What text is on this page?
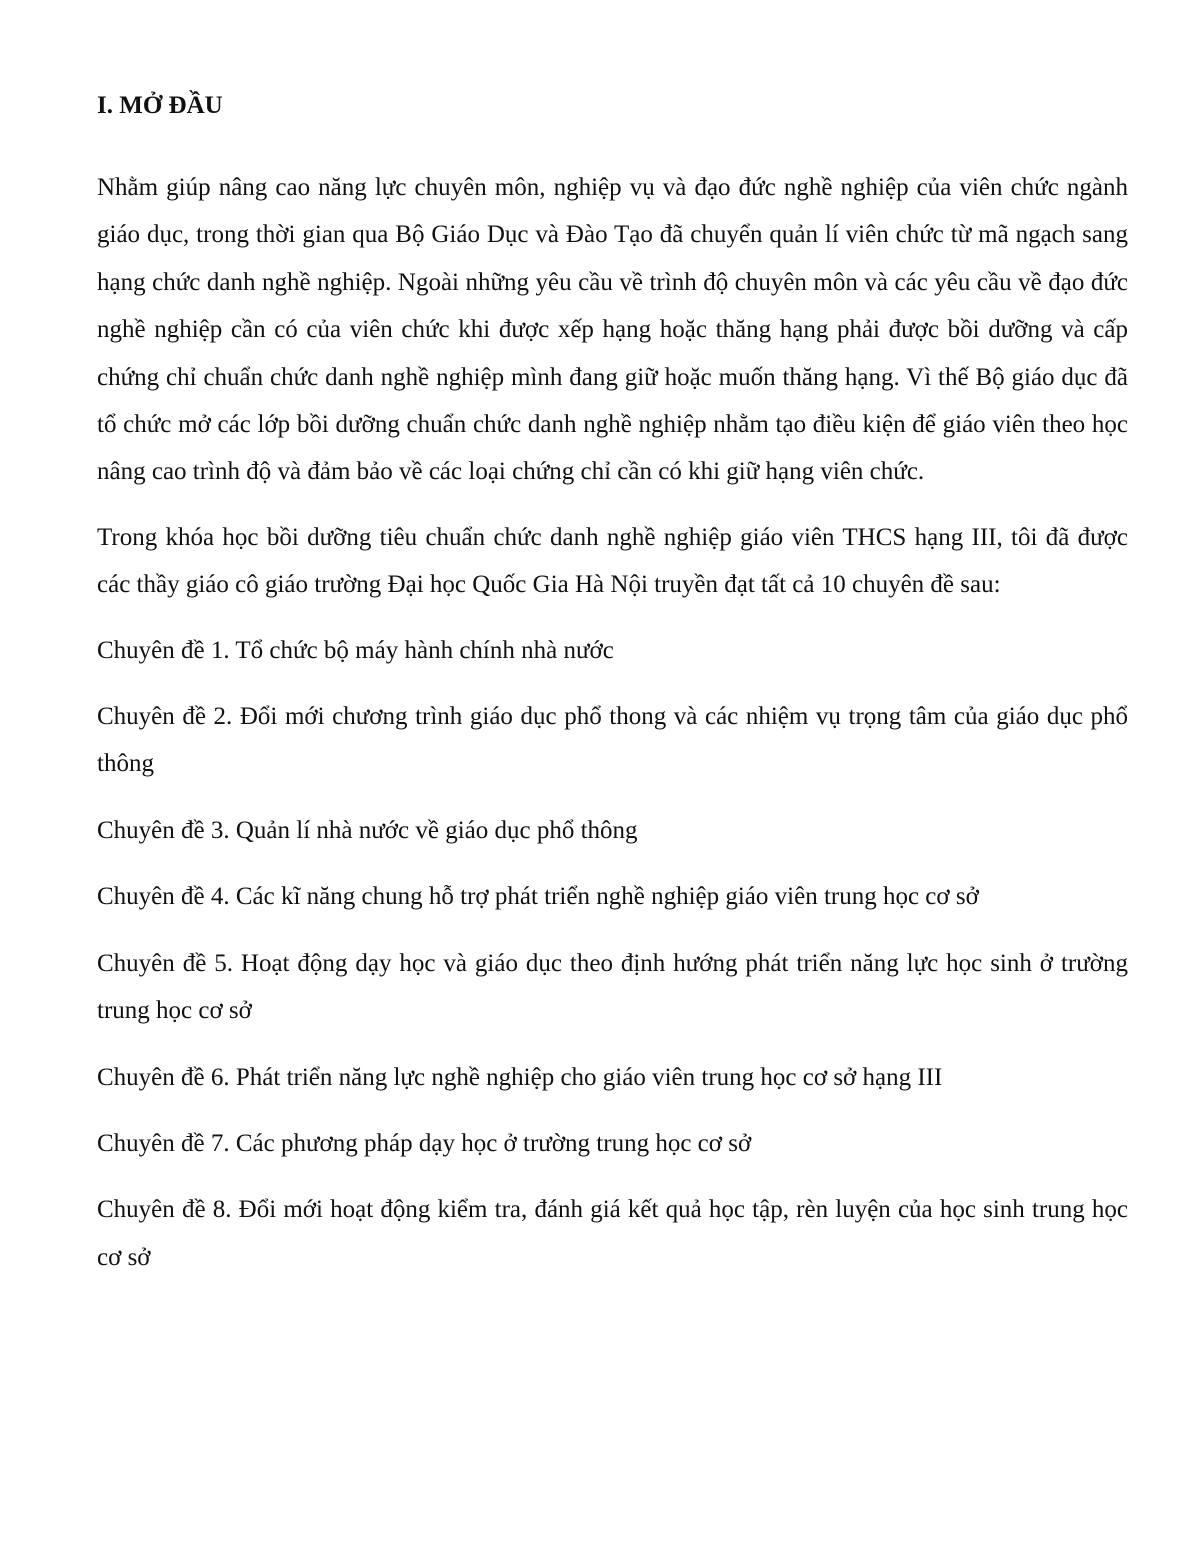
I. MỞ ĐẦU

Nhằm giúp nâng cao năng lực chuyên môn, nghiệp vụ và đạo đức nghề nghiệp của viên chức ngành giáo dục, trong thời gian qua Bộ Giáo Dục và Đào Tạo đã chuyển quản lí viên chức từ mã ngạch sang hạng chức danh nghề nghiệp. Ngoài những yêu cầu về trình độ chuyên môn và các yêu cầu về đạo đức nghề nghiệp cần có của viên chức khi được xếp hạng hoặc thăng hạng phải được bồi dưỡng và cấp chứng chỉ chuẩn chức danh nghề nghiệp mình đang giữ hoặc muốn thăng hạng. Vì thế Bộ giáo dục đã tổ chức mở các lớp bồi dưỡng chuẩn chức danh nghề nghiệp nhằm tạo điều kiện để giáo viên theo học nâng cao trình độ và đảm bảo về các loại chứng chỉ cần có khi giữ hạng viên chức.

Trong khóa học bồi dưỡng tiêu chuẩn chức danh nghề nghiệp giáo viên THCS hạng III, tôi đã được các thầy giáo cô giáo trường Đại học Quốc Gia Hà Nội truyền đạt tất cả 10 chuyên đề sau:

Chuyên đề 1. Tổ chức bộ máy hành chính nhà nước

Chuyên đề 2. Đổi mới chương trình giáo dục phổ thong và các nhiệm vụ trọng tâm của giáo dục phổ thông

Chuyên đề 3. Quản lí nhà nước về giáo dục phổ thông

Chuyên đề 4. Các kĩ năng chung hỗ trợ phát triển nghề nghiệp giáo viên trung học cơ sở

Chuyên đề 5. Hoạt động dạy học và giáo dục theo định hướng phát triển năng lực học sinh ở trường trung học cơ sở

Chuyên đề 6. Phát triển năng lực nghề nghiệp cho giáo viên trung học cơ sở hạng III

Chuyên đề 7. Các phương pháp dạy học ở trường trung học cơ sở

Chuyên đề 8. Đổi mới hoạt động kiểm tra, đánh giá kết quả học tập, rèn luyện của học sinh trung học cơ sở
